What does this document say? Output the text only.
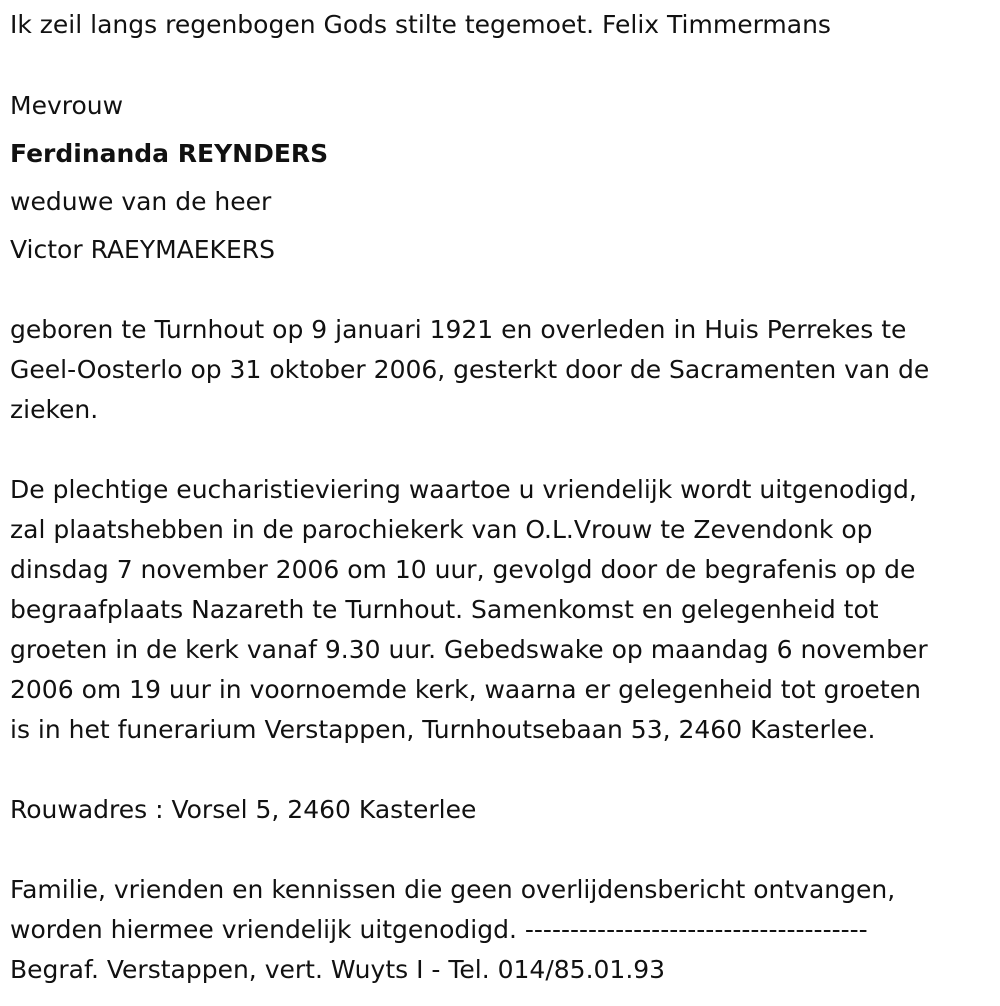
Ik zeil langs regenbogen Gods stilte tegemoet. Felix Timmermans
Mevrouw
Ferdinanda REYNDERS
weduwe van de heer
Victor RAEYMAEKERS
geboren te Turnhout op 9 januari 1921 en overleden in Huis Perrekes te
Geel-Oosterlo op 31 oktober 2006, gesterkt door de Sacramenten van de
zieken.
De plechtige eucharistieviering waartoe u vriendelijk wordt uitgenodigd,
zal plaatshebben in de parochiekerk van O.L.Vrouw te Zevendonk op
dinsdag 7 november 2006 om 10 uur, gevolgd door de begrafenis op de
begraafplaats Nazareth te Turnhout. Samenkomst en gelegenheid tot
groeten in de kerk vanaf 9.30 uur. Gebedswake op maandag 6 november
2006 om 19 uur in voornoemde kerk, waarna er gelegenheid tot groeten
is in het funerarium Verstappen, Turnhoutsebaan 53, 2460 Kasterlee.
Rouwadres : Vorsel 5, 2460 Kasterlee
Familie, vrienden en kennissen die geen overlijdensbericht ontvangen,
worden hiermee vriendelijk uitgenodigd. --------------------------------------
Begraf. Verstappen, vert. Wuyts I - Tel. 014/85.01.93
